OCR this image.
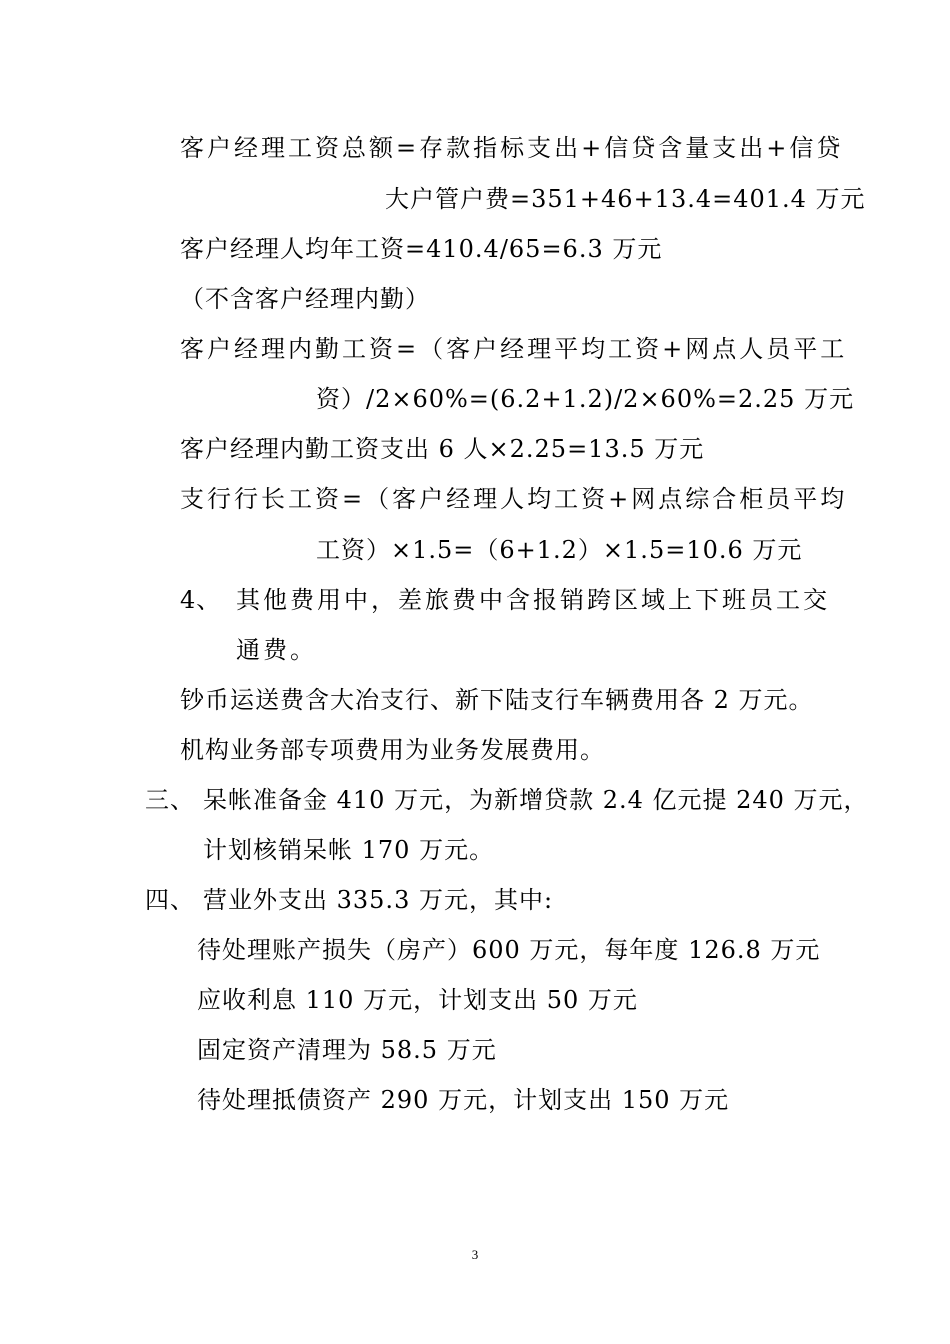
客户经理工资总额=存款指标支出+信贷含量支出+信贷
大户管户费=351+46+13.4=401.4 万元
客户经理人均年工资=410.4/65=6.3 万元
（不含客户经理内勤）
客户经理内勤工资=（客户经理平均工资+网点人员平工
资）/2×60%=(6.2+1.2)/2×60%=2.25 万元
客户经理内勤工资支出 6 人×2.25=13.5 万元
支行行长工资=（客户经理人均工资+网点综合柜员平均
工资）×1.5=（6+1.2）×1.5=10.6 万元
4、 其他费用中，差旅费中含报销跨区域上下班员工交
通费。
钞币运送费含大冶支行、新下陆支行车辆费用各 2 万元。
机构业务部专项费用为业务发展费用。
三、 呆帐准备金 410 万元，为新增贷款 2.4 亿元提 240 万元，
计划核销呆帐 170 万元。
四、 营业外支出 335.3 万元，其中:
待处理账产损失（房产）600 万元，每年度 126.8 万元
应收利息 110 万元，计划支出 50 万元
固定资产清理为 58.5 万元
待处理抵债资产 290 万元，计划支出 150 万元
3
